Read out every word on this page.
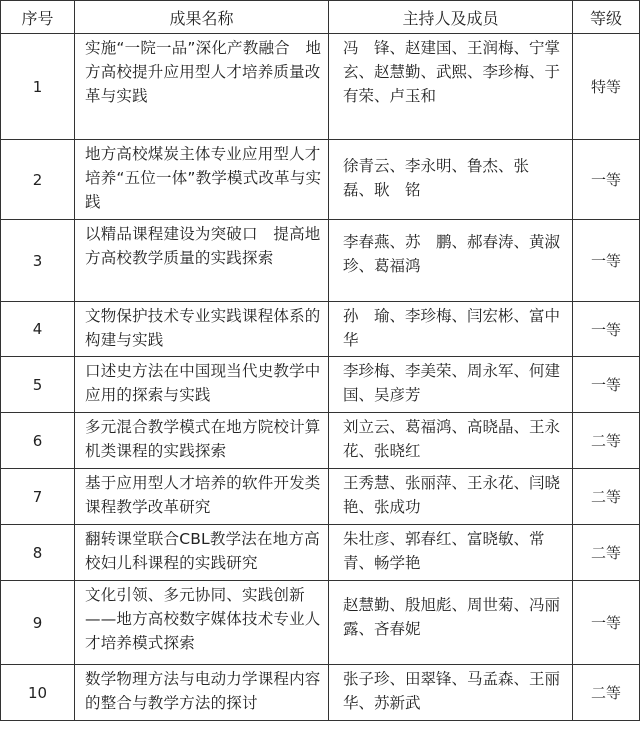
序号	成果名称	主持人及成员	等级
1	实施“一院一品”深化产教融合　地方高校提升应用型人才培养质量改革与实践	冯　锋、赵建国、王润梅、宁掌玄、赵慧勤、武熙、李珍梅、于有荣、卢玉和	特等
2	地方高校煤炭主体专业应用型人才培养“五位一体”教学模式改革与实践	徐青云、李永明、鲁杰、张　磊、耿　铭	一等
3	以精品课程建设为突破口　提高地方高校教学质量的实践探索	李春燕、苏　鹏、郝春涛、黄淑珍、葛福鸿	一等
4	文物保护技术专业实践课程体系的构建与实践	孙　瑜、李珍梅、闫宏彬、富中华	一等
5	口述史方法在中国现当代史教学中应用的探索与实践	李珍梅、李美荣、周永军、何建国、吴彦芳	一等
6	多元混合教学模式在地方院校计算机类课程的实践探索	刘立云、葛福鸿、高晓晶、王永花、张晓红	二等
7	基于应用型人才培养的软件开发类课程教学改革研究	王秀慧、张丽萍、王永花、闫晓艳、张成功	二等
8	翻转课堂联合CBL教学法在地方高校妇儿科课程的实践研究	朱壮彦、郭春红、富晓敏、常　青、畅学艳	二等
9	文化引领、多元协同、实践创新——地方高校数字媒体技术专业人才培养模式探索	赵慧勤、殷旭彪、周世菊、冯丽露、吝春妮	一等
10	数学物理方法与电动力学课程内容的整合与教学方法的探讨	张子珍、田翠锋、马孟森、王丽华、苏新武	二等
